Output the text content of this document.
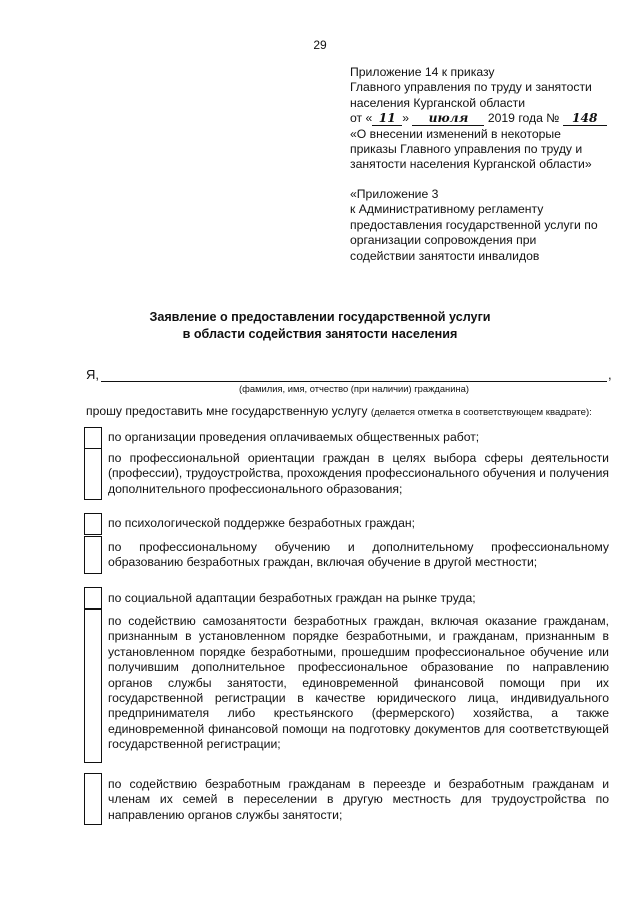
29
Приложение 14 к приказу
Главного управления по труду и занятости
населения Курганской области
от « 11 » июля 2019 года № 148
«О внесении изменений в некоторые
приказы Главного управления по труду и
занятости населения Курганской области»
«Приложение 3
к Административному регламенту
предоставления государственной услуги по
организации сопровождения при
содействии занятости инвалидов
Заявление о предоставлении государственной услуги
в области содействия занятости населения
Я,	,
(фамилия, имя, отчество (при наличии) гражданина)
прошу предоставить мне государственную услугу (делается отметка в соответствующем квадрате):
по организации проведения оплачиваемых общественных работ;
по профессиональной ориентации граждан в целях выбора сферы деятельности (профессии), трудоустройства, прохождения профессионального обучения и получения дополнительного профессионального образования;
по психологической поддержке безработных граждан;
по профессиональному обучению и дополнительному профессиональному образованию безработных граждан, включая обучение в другой местности;
по социальной адаптации безработных граждан на рынке труда;
по содействию самозанятости безработных граждан, включая оказание гражданам, признанным в установленном порядке безработными, и гражданам, признанным в установленном порядке безработными, прошедшим профессиональное обучение или получившим дополнительное профессиональное образование по направлению органов службы занятости, единовременной финансовой помощи при их государственной регистрации в качестве юридического лица, индивидуального предпринимателя либо крестьянского (фермерского) хозяйства, а также единовременной финансовой помощи на подготовку документов для соответствующей государственной регистрации;
по содействию безработным гражданам в переезде и безработным гражданам и членам их семей в переселении в другую местность для трудоустройства по направлению органов службы занятости;
